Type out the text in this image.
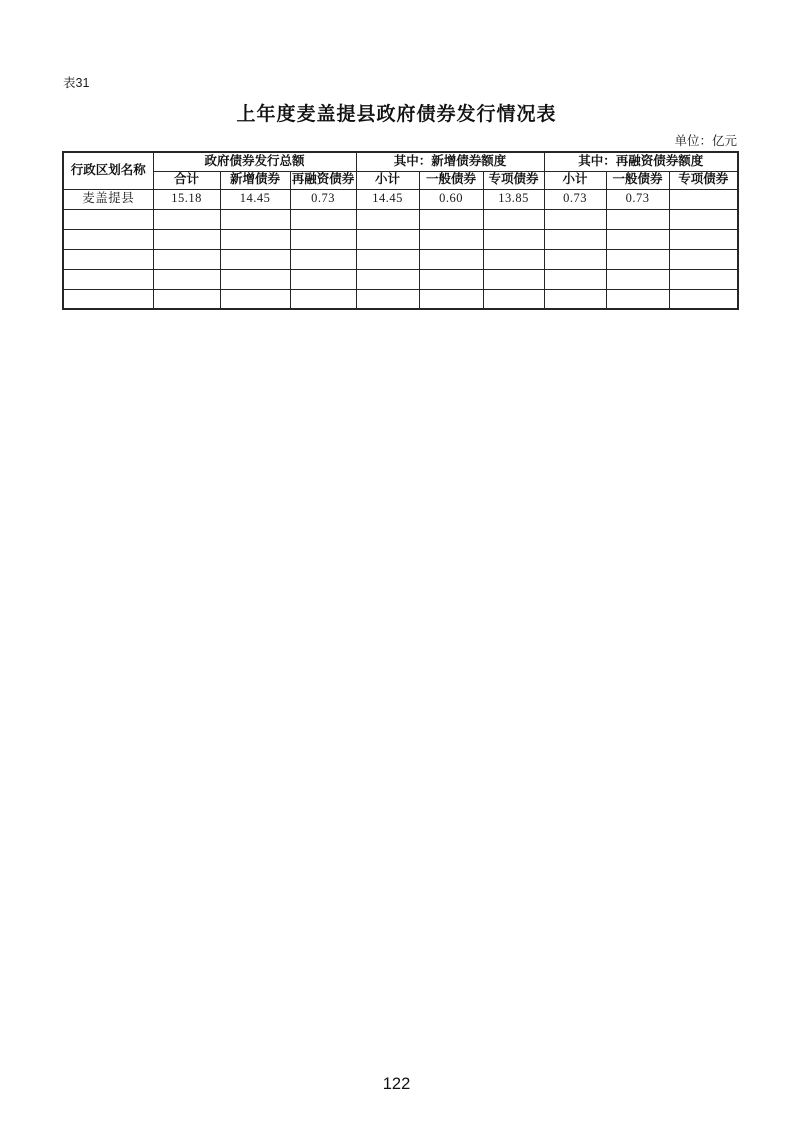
表31
上年度麦盖提县政府债券发行情况表
单位：亿元
行政区划名称	政府债券发行总额			其中：新增债券额度			其中：再融资债券额度		
	合计	新增债券	再融资债券	小计	一般债券	专项债券	小计	一般债券	专项债券
麦盖提县	15.18	14.45	0.73	14.45	0.60	13.85	0.73	0.73	

122
